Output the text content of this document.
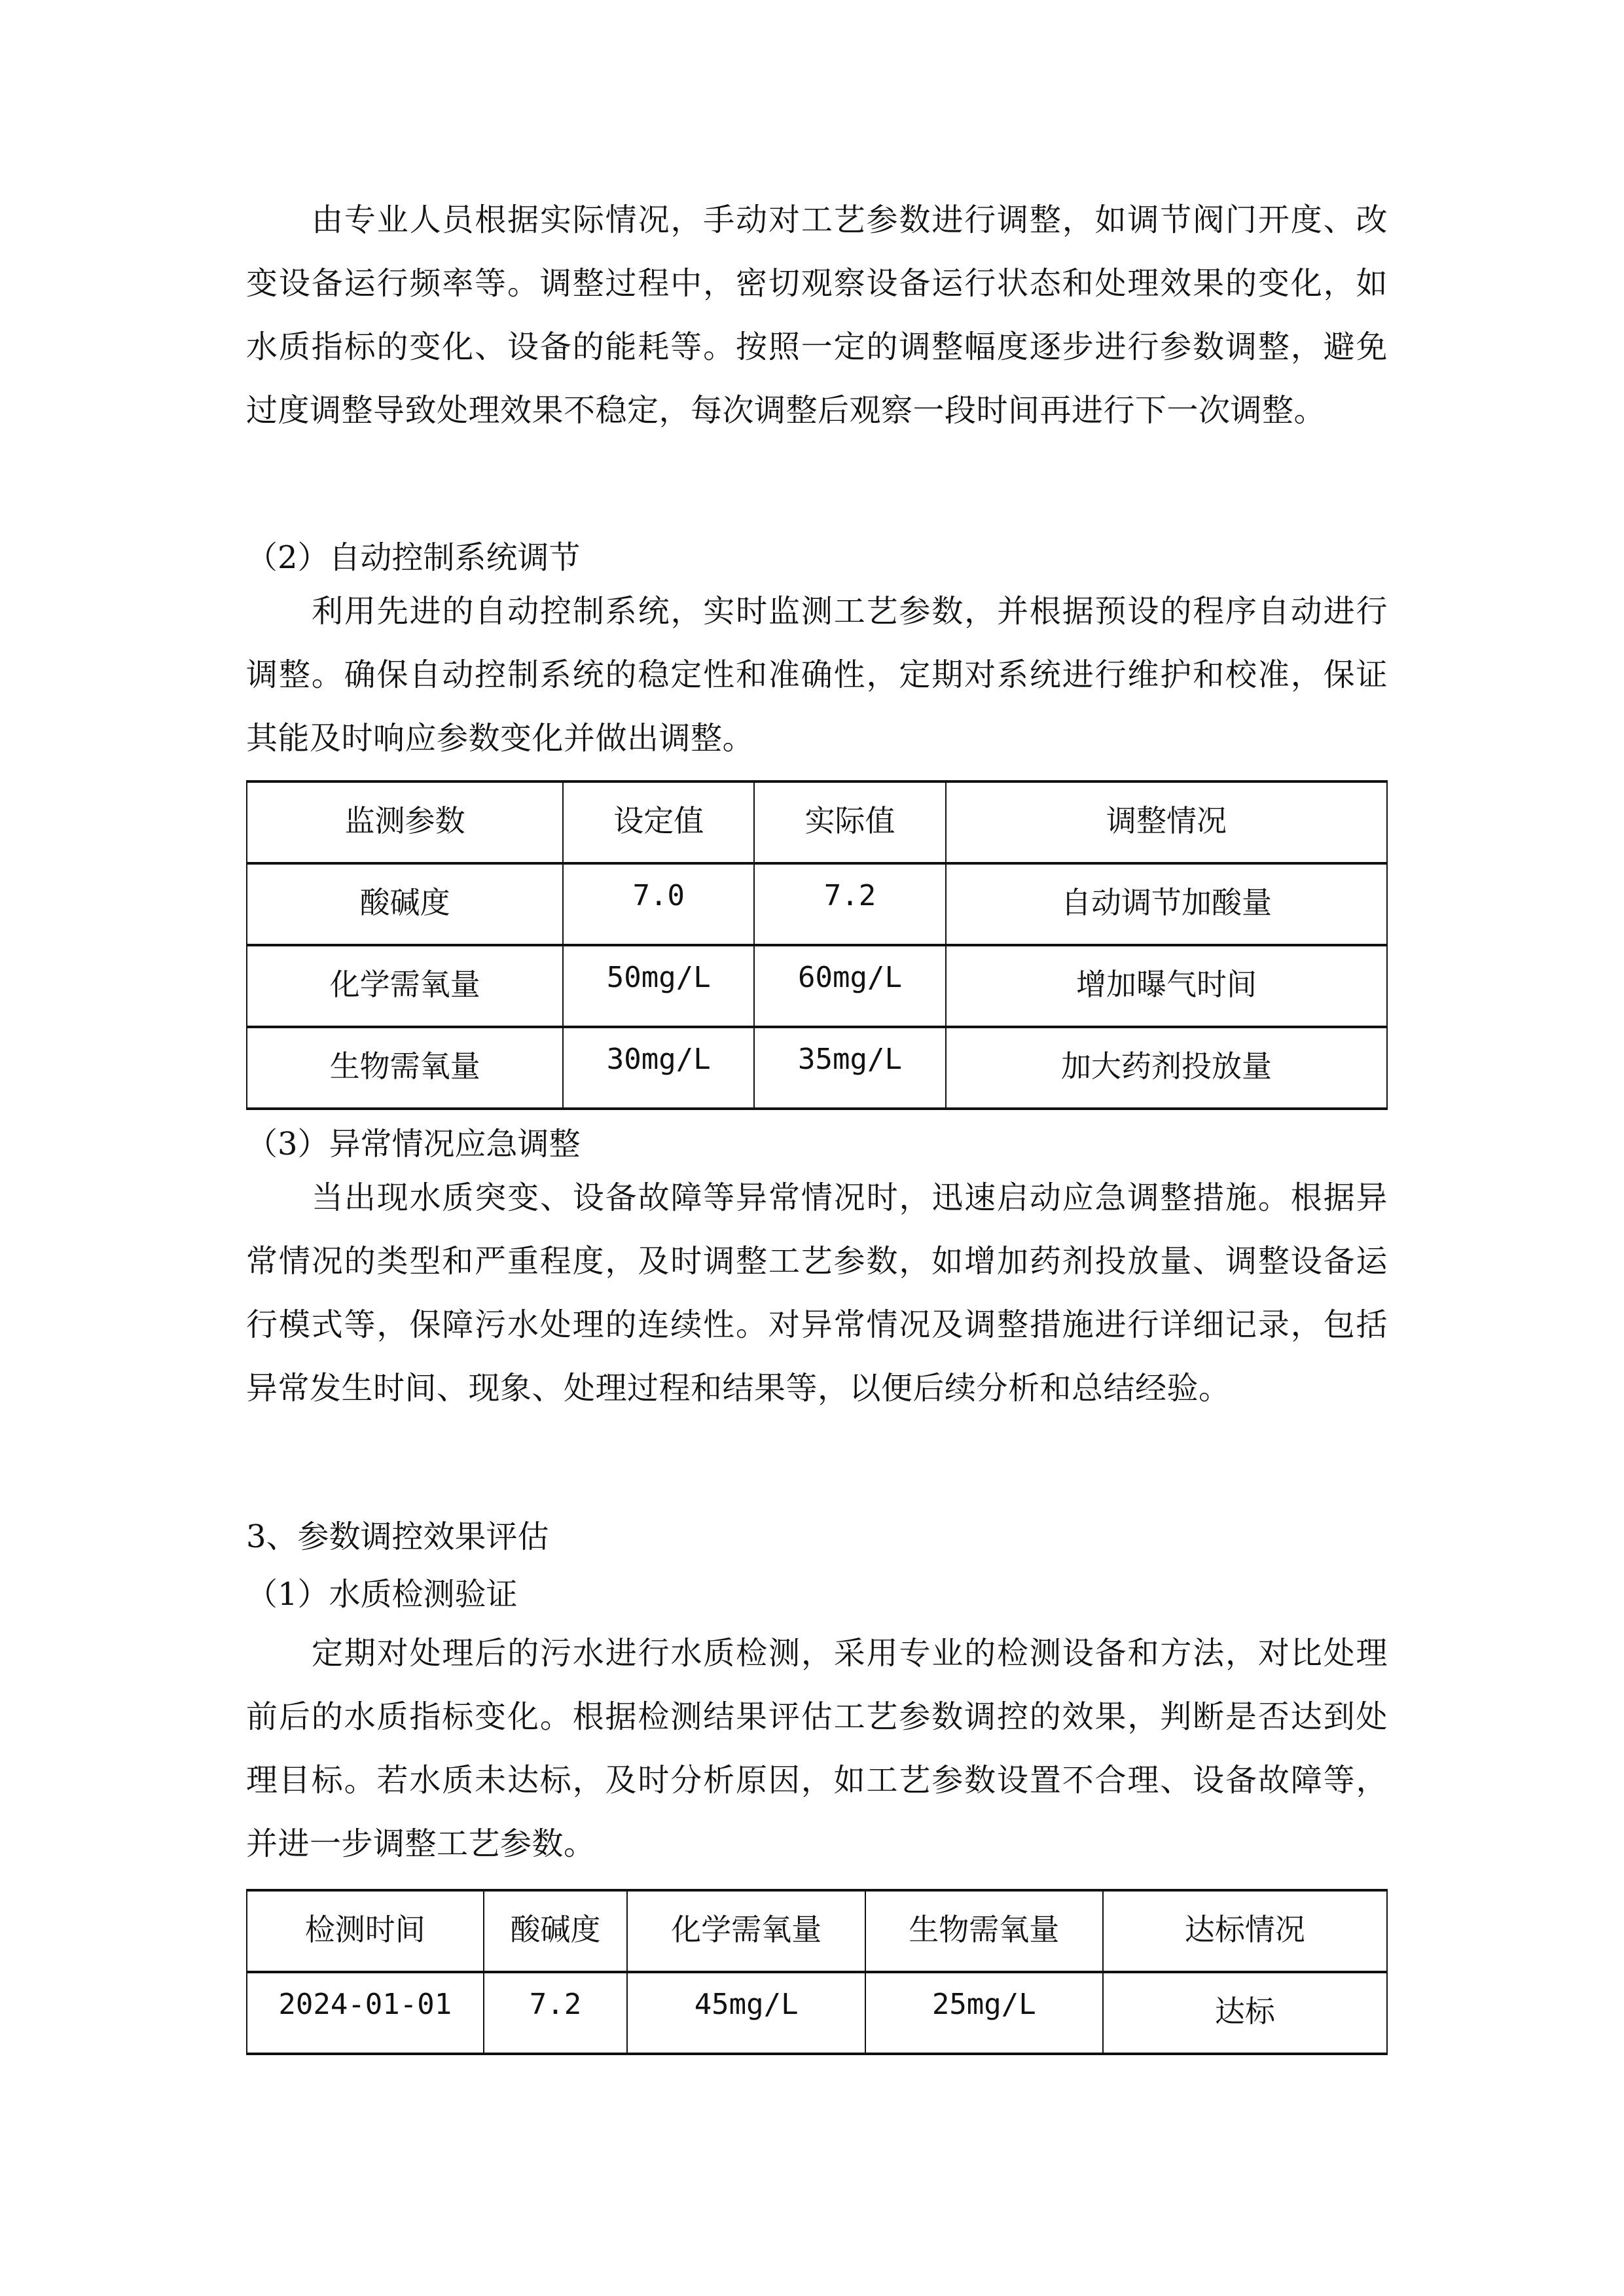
由专业人员根据实际情况，手动对工艺参数进行调整，如调节阀门开度、改变设备运行频率等。调整过程中，密切观察设备运行状态和处理效果的变化，如水质指标的变化、设备的能耗等。按照一定的调整幅度逐步进行参数调整，避免过度调整导致处理效果不稳定，每次调整后观察一段时间再进行下一次调整。

（2）自动控制系统调节

利用先进的自动控制系统，实时监测工艺参数，并根据预设的程序自动进行调整。确保自动控制系统的稳定性和准确性，定期对系统进行维护和校准，保证其能及时响应参数变化并做出调整。

监测参数	设定值	实际值	调整情况
酸碱度	7.0	7.2	自动调节加酸量
化学需氧量	50mg/L	60mg/L	增加曝气时间
生物需氧量	30mg/L	35mg/L	加大药剂投放量

（3）异常情况应急调整

当出现水质突变、设备故障等异常情况时，迅速启动应急调整措施。根据异常情况的类型和严重程度，及时调整工艺参数，如增加药剂投放量、调整设备运行模式等，保障污水处理的连续性。对异常情况及调整措施进行详细记录，包括异常发生时间、现象、处理过程和结果等，以便后续分析和总结经验。

3、参数调控效果评估

（1）水质检测验证

定期对处理后的污水进行水质检测，采用专业的检测设备和方法，对比处理前后的水质指标变化。根据检测结果评估工艺参数调控的效果，判断是否达到处理目标。若水质未达标，及时分析原因，如工艺参数设置不合理、设备故障等，并进一步调整工艺参数。

检测时间	酸碱度	化学需氧量	生物需氧量	达标情况
2024-01-01	7.2	45mg/L	25mg/L	达标
